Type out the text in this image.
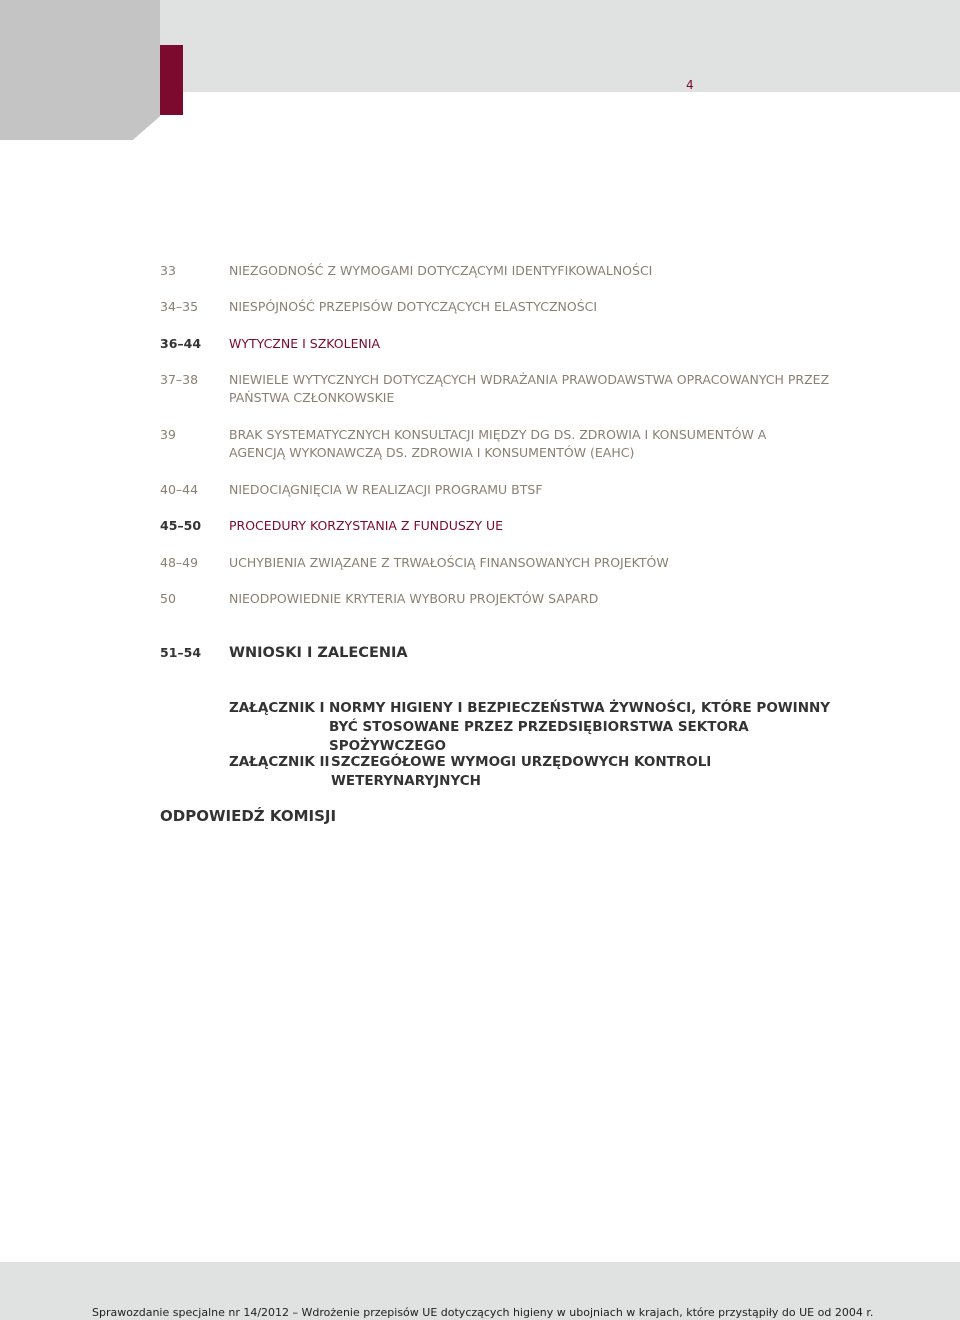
4
33	NIEZGODNOŚĆ Z WYMOGAMI DOTYCZĄCYMI IDENTYFIKOWALNOŚCI
34–35	NIESPÓJNOŚĆ PRZEPISÓW DOTYCZĄCYCH ELASTYCZNOŚCI
36–44	WYTYCZNE I SZKOLENIA
37–38	NIEWIELE WYTYCZNYCH DOTYCZĄCYCH WDRAŻANIA PRAWODAWSTWA OPRACOWANYCH PRZEZ PAŃSTWA CZŁONKOWSKIE
39	BRAK SYSTEMATYCZNYCH KONSULTACJI MIĘDZY DG DS. ZDROWIA I KONSUMENTÓW A AGENCJĄ WYKONAWCZĄ DS. ZDROWIA I KONSUMENTÓW (EAHC)
40–44	NIEDOCIĄGNIĘCIA W REALIZACJI PROGRAMU BTSF
45–50	PROCEDURY KORZYSTANIA Z FUNDUSZY UE
48–49	UCHYBIENIA ZWIĄZANE Z TRWAŁOŚCIĄ FINANSOWANYCH PROJEKTÓW
50	NIEODPOWIEDNIE KRYTERIA WYBORU PROJEKTÓW SAPARD
51–54	WNIOSKI I ZALECENIA
ZAŁĄCZNIK I NORMY HIGIENY I BEZPIECZEŃSTWA ŻYWNOŚCI, KTÓRE POWINNY BYĆ STOSOWANE PRZEZ PRZEDSIĘBIORSTWA SEKTORA SPOŻYWCZEGO
ZAŁĄCZNIK II SZCZEGÓŁOWE WYMOGI URZĘDOWYCH KONTROLI WETERYNARYJNYCH
ODPOWIEDŹ KOMISJI
Sprawozdanie specjalne nr 14/2012 – Wdrożenie przepisów UE dotyczących higieny w ubojniach w krajach, które przystąpiły do UE od 2004 r.
